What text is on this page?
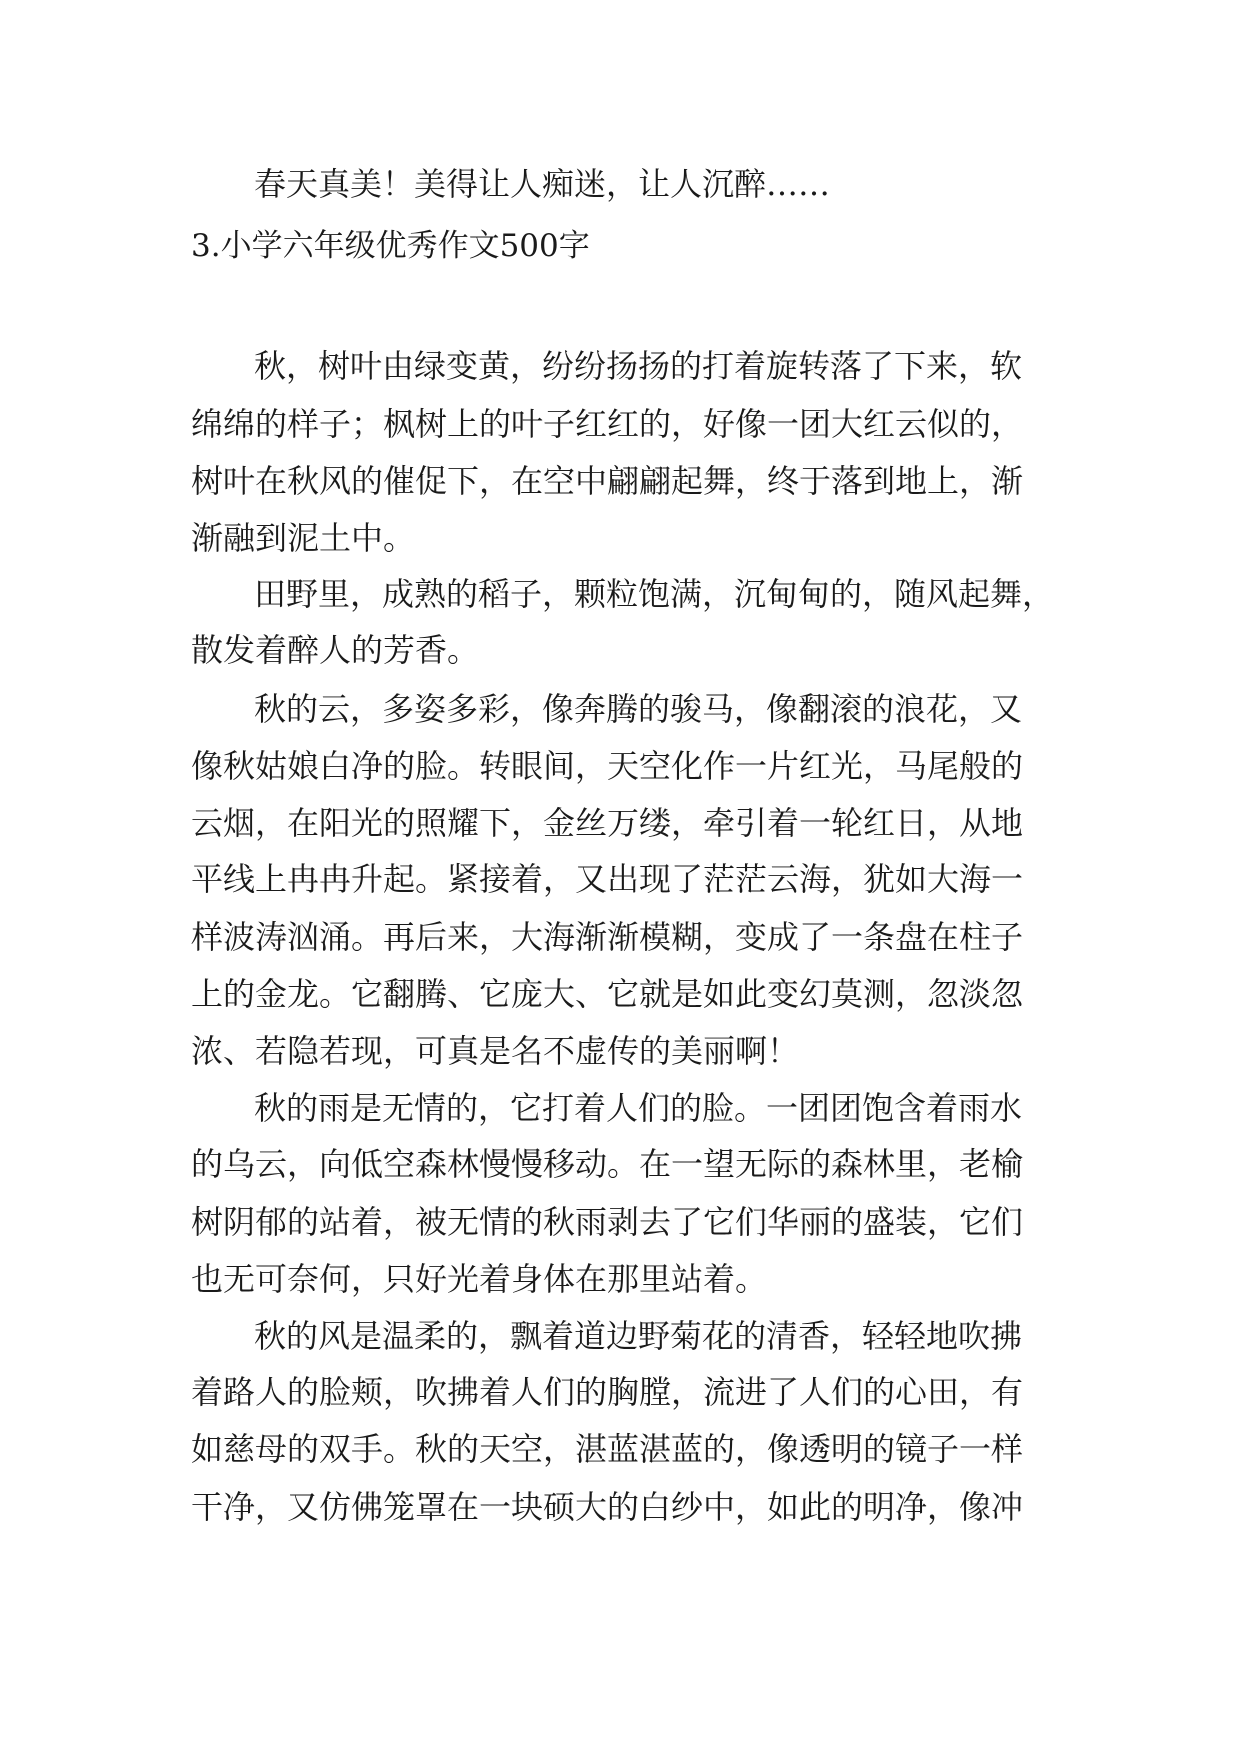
春天真美！美得让人痴迷，让人沉醉……
3.小学六年级优秀作文500字
秋，树叶由绿变黄，纷纷扬扬的打着旋转落了下来，软
绵绵的样子；枫树上的叶子红红的，好像一团大红云似的，
树叶在秋风的催促下，在空中翩翩起舞，终于落到地上，渐
渐融到泥土中。
田野里，成熟的稻子，颗粒饱满，沉甸甸的，随风起舞，
散发着醉人的芳香。
秋的云，多姿多彩，像奔腾的骏马，像翻滚的浪花，又
像秋姑娘白净的脸。转眼间，天空化作一片红光，马尾般的
云烟，在阳光的照耀下，金丝万缕，牵引着一轮红日，从地
平线上冉冉升起。紧接着，又出现了茫茫云海，犹如大海一
样波涛汹涌。再后来，大海渐渐模糊，变成了一条盘在柱子
上的金龙。它翻腾、它庞大、它就是如此变幻莫测，忽淡忽
浓、若隐若现，可真是名不虚传的美丽啊！
秋的雨是无情的，它打着人们的脸。一团团饱含着雨水
的乌云，向低空森林慢慢移动。在一望无际的森林里，老榆
树阴郁的站着，被无情的秋雨剥去了它们华丽的盛装，它们
也无可奈何，只好光着身体在那里站着。
秋的风是温柔的，飘着道边野菊花的清香，轻轻地吹拂
着路人的脸颊，吹拂着人们的胸膛，流进了人们的心田，有
如慈母的双手。秋的天空，湛蓝湛蓝的，像透明的镜子一样
干净，又仿佛笼罩在一块硕大的白纱中，如此的明净，像冲
